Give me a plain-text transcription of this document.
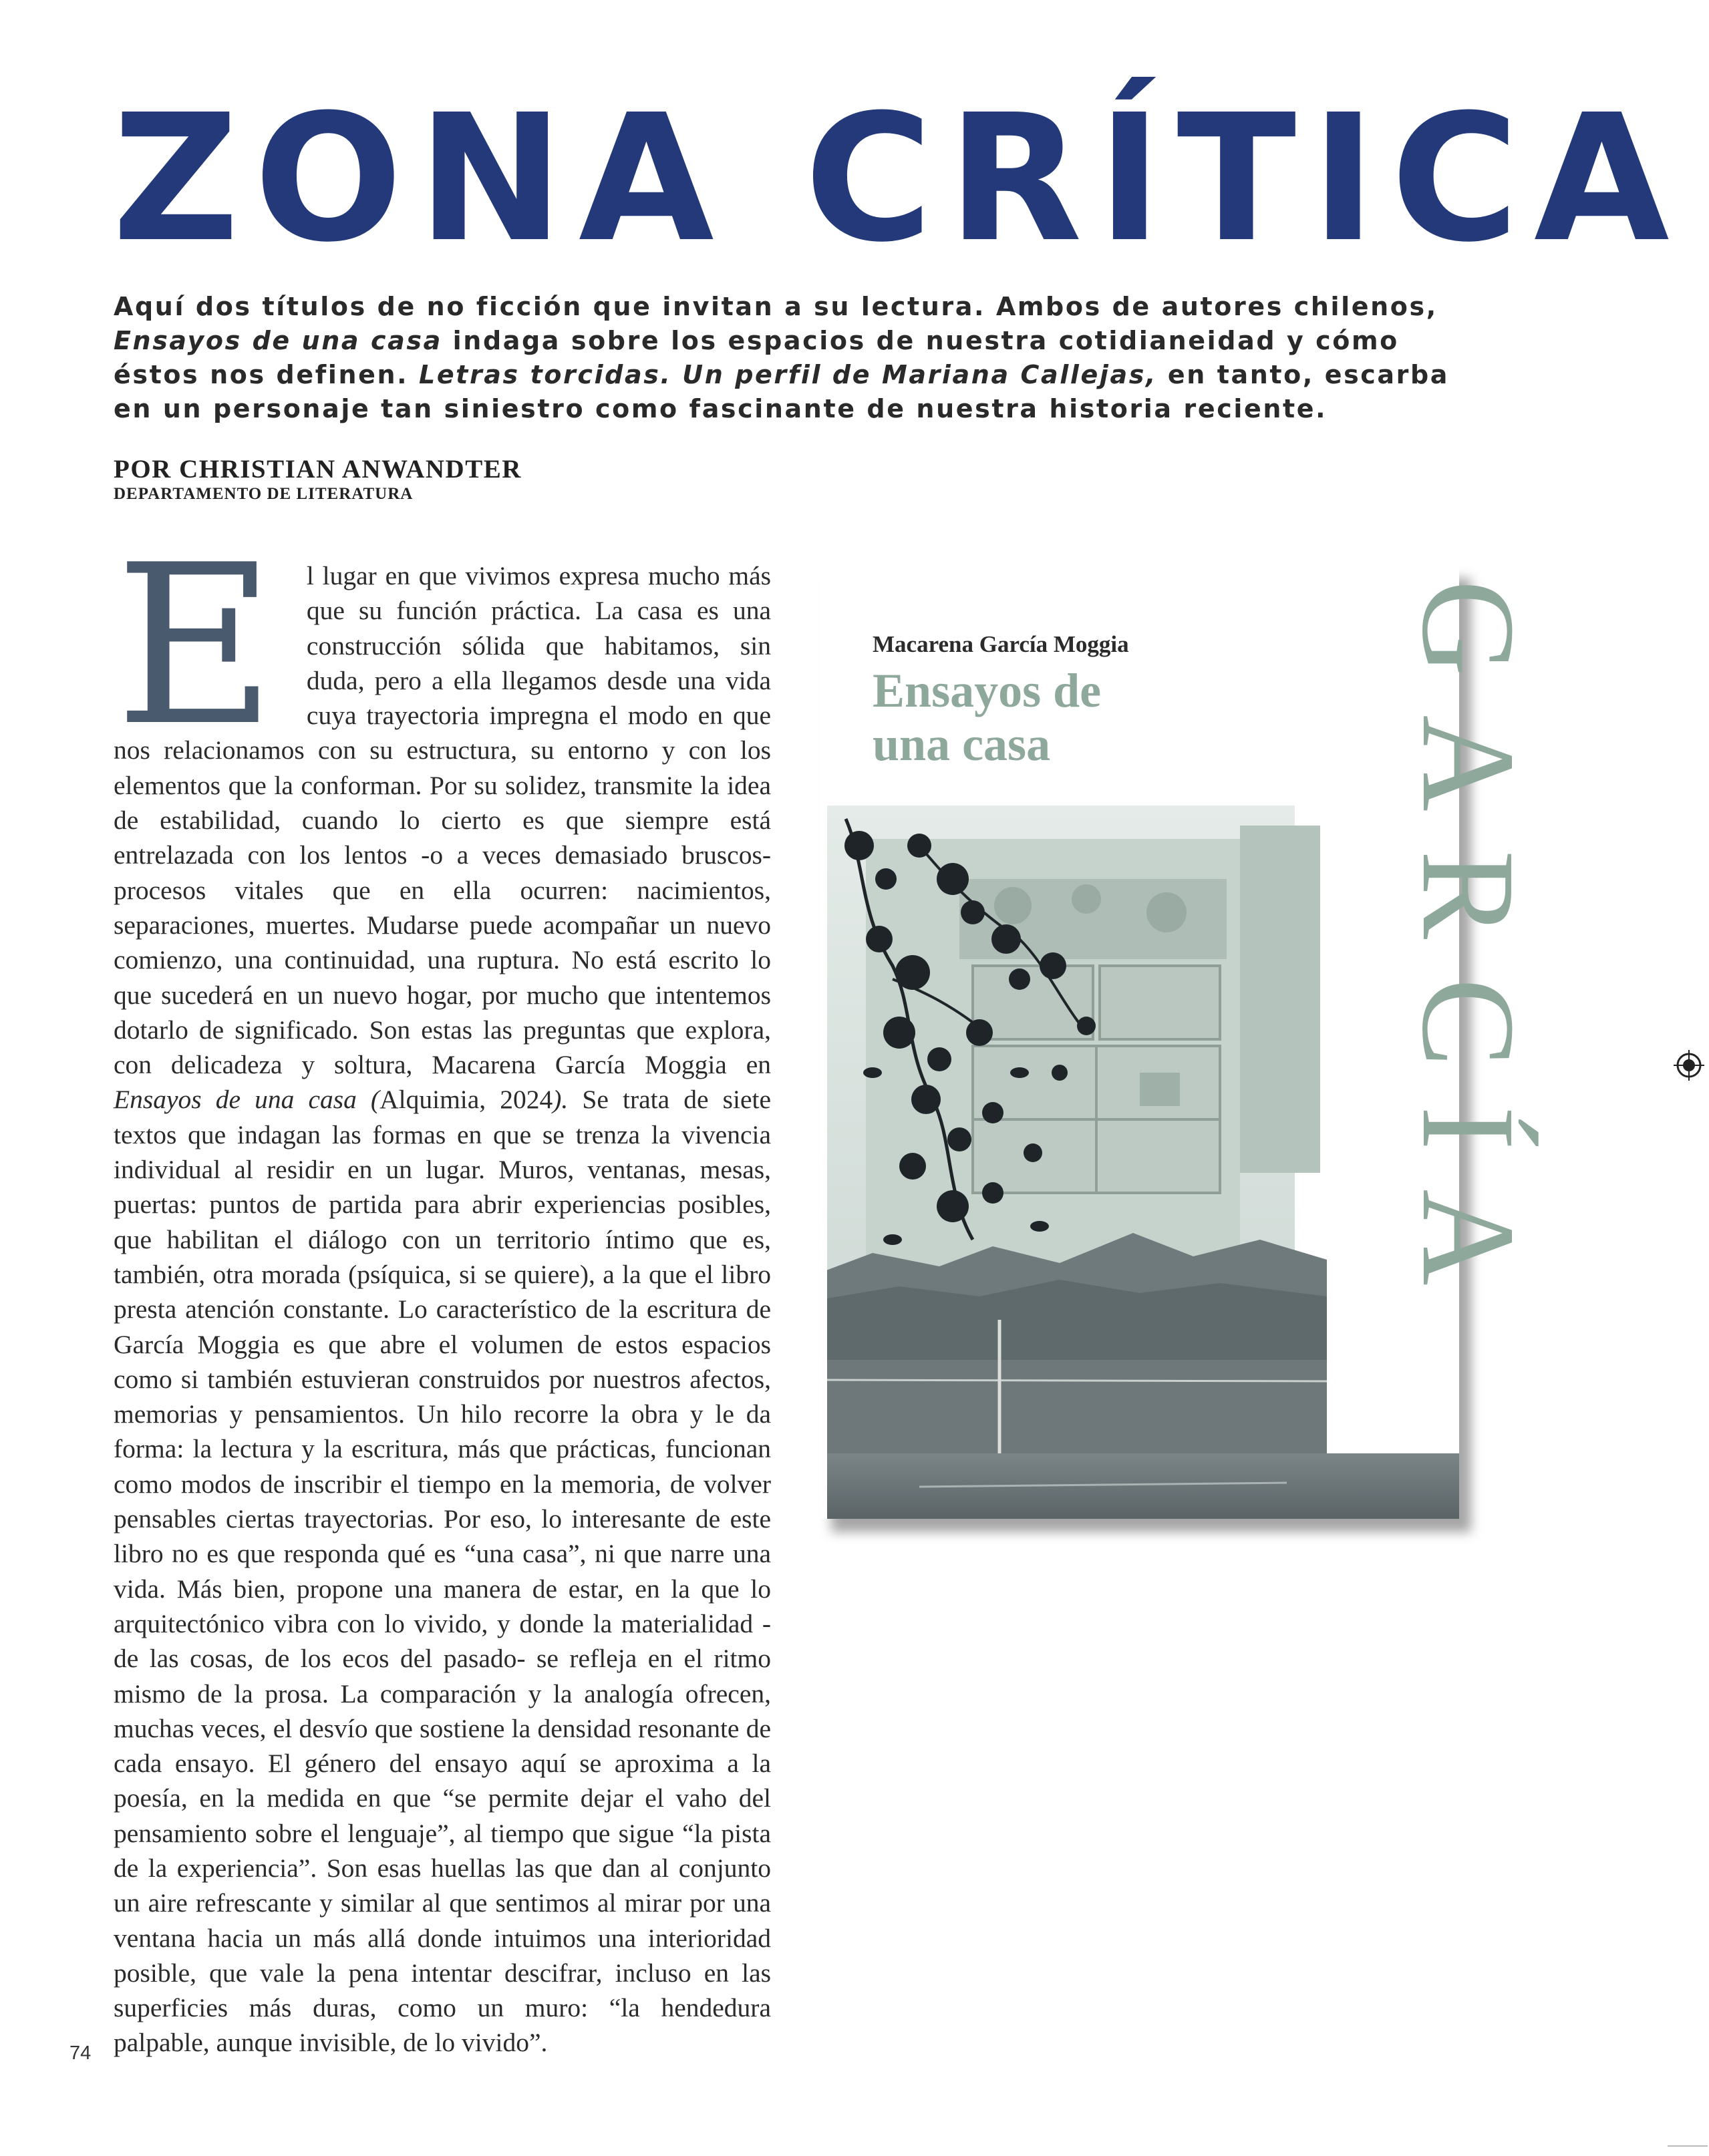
ZONA CRÍTICA

Aquí dos títulos de no ficción que invitan a su lectura. Ambos de autores chilenos, Ensayos de una casa indaga sobre los espacios de nuestra cotidianeidad y cómo éstos nos definen. Letras torcidas. Un perfil de Mariana Callejas, en tanto, escarba en un personaje tan siniestro como fascinante de nuestra historia reciente.

POR CHRISTIAN ANWANDTER
DEPARTAMENTO DE LITERATURA

E l lugar en que vivimos expresa mucho más que su función práctica. La casa es una construcción sólida que habitamos, sin duda, pero a ella llegamos desde una vida cuya trayectoria impregna el modo en que nos relacionamos con su estructura, su entorno y con los elementos que la conforman. Por su solidez, transmite la idea de estabilidad, cuando lo cierto es que siempre está entrelazada con los lentos -o a veces demasiado bruscos- procesos vitales que en ella ocurren: nacimientos, separaciones, muertes. Mudarse puede acompañar un nuevo comienzo, una continuidad, una ruptura. No está escrito lo que sucederá en un nuevo hogar, por mucho que intentemos dotarlo de significado. Son estas las preguntas que explora, con delicadeza y soltura, Macarena García Moggia en Ensayos de una casa (Alquimia, 2024). Se trata de siete textos que indagan las formas en que se trenza la vivencia individual al residir en un lugar. Muros, ventanas, mesas, puertas: puntos de partida para abrir experiencias posibles, que habilitan el diálogo con un territorio íntimo que es, también, otra morada (psíquica, si se quiere), a la que el libro presta atención constante. Lo característico de la escritura de García Moggia es que abre el volumen de estos espacios como si también estuvieran construidos por nuestros afectos, memorias y pensamientos. Un hilo recorre la obra y le da forma: la lectura y la escritura, más que prácticas, funcionan como modos de inscribir el tiempo en la memoria, de volver pensables ciertas trayectorias. Por eso, lo interesante de este libro no es que responda qué es “una casa”, ni que narre una vida. Más bien, propone una manera de estar, en la que lo arquitectónico vibra con lo vivido, y donde la materialidad -de las cosas, de los ecos del pasado- se refleja en el ritmo mismo de la prosa. La comparación y la analogía ofrecen, muchas veces, el desvío que sostiene la densidad resonante de cada ensayo. El género del ensayo aquí se aproxima a la poesía, en la medida en que “se permite dejar el vaho del pensamiento sobre el lenguaje”, al tiempo que sigue “la pista de la experiencia”. Son esas huellas las que dan al conjunto un aire refrescante y similar al que sentimos al mirar por una ventana hacia un más allá donde intuimos una interioridad posible, que vale la pena intentar descifrar, incluso en las superficies más duras, como un muro: “la hendedura palpable, aunque invisible, de lo vivido”.

Macarena García Moggia
Ensayos de
una casa	GARCÍA
74
